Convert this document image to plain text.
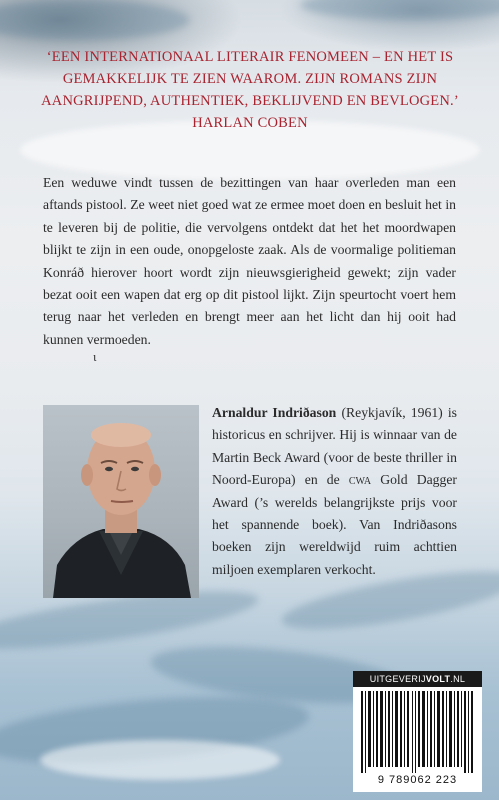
‘EEN INTERNATIONAAL LITERAIR FENOMEEN – EN HET IS
GEMAKKELIJK TE ZIEN WAAROM. ZIJN ROMANS ZIJN
AANGRIJPEND, AUTHENTIEK, BEKLIJVEND EN BEVLOGEN.’

HARLAN COBEN

Een weduwe vindt tussen de bezittingen van haar overleden man een aftands pistool. Ze weet niet goed wat ze ermee moet doen en besluit het in te leveren bij de politie, die vervolgens ontdekt dat het het moordwapen blijkt te zijn in een oude, onopgeloste zaak. Als de voormalige politieman Konráð hierover hoort wordt zijn nieuwsgierigheid gewekt; zijn vader bezat ooit een wapen dat erg op dit pistool lijkt. Zijn speurtocht voert hem terug naar het verleden en brengt meer aan het licht dan hij ooit had kunnen vermoeden.

ɩ

Arnaldur Indriðason (Reykjavík, 1961) is historicus en schrijver. Hij is winnaar van de Martin Beck Award (voor de beste thriller in Noord-Europa) en de cwa Gold Dagger Award (’s werelds belangrijkste prijs voor het spannende boek). Van Indriðasons boeken zijn wereldwijd ruim achttien miljoen exemplaren verkocht.

UITGEVERIJVOLT.NL
9 789062 223
